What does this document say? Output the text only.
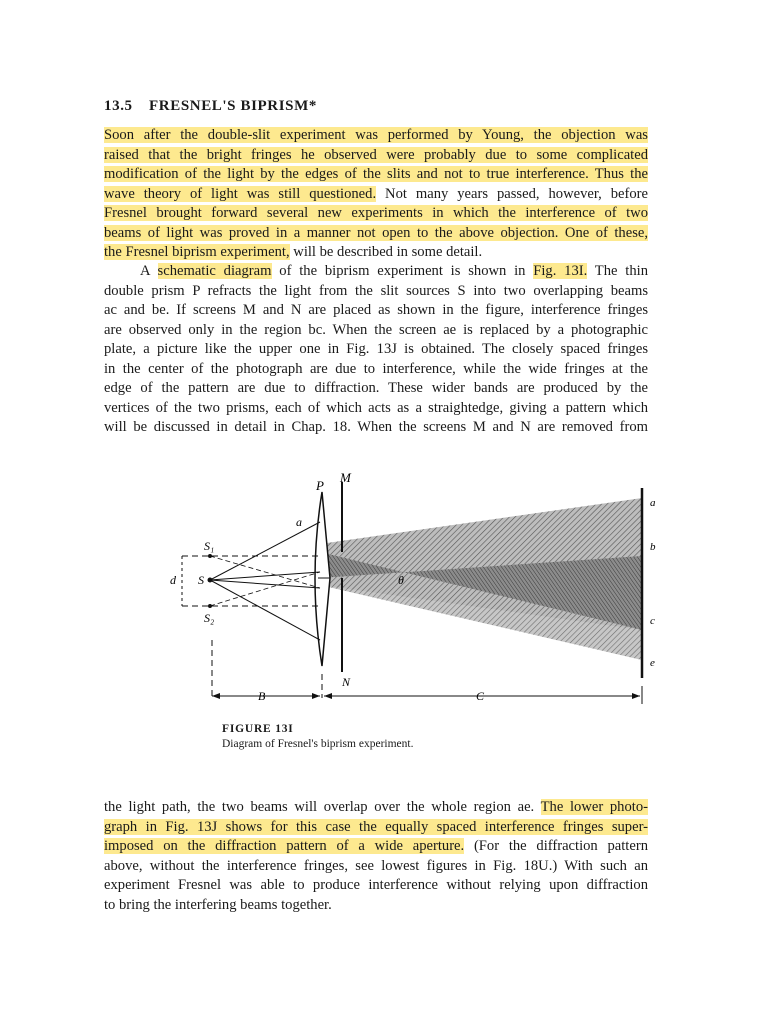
13.5 FRESNEL'S BIPRISM*
Soon after the double-slit experiment was performed by Young, the objection was
raised that the bright fringes he observed were probably due to some complicated
modification of the light by the edges of the slits and not to true interference. Thus the
wave theory of light was still questioned. Not many years passed, however, before
Fresnel brought forward several new experiments in which the interference of two
beams of light was proved in a manner not open to the above objection. One of these,
the Fresnel biprism experiment, will be described in some detail.
A schematic diagram of the biprism experiment is shown in Fig. 13I. The thin
double prism P refracts the light from the slit sources S into two overlapping beams
ac and be. If screens M and N are placed as shown in the figure, interference fringes
are observed only in the region bc. When the screen ae is replaced by a photographic
plate, a picture like the upper one in Fig. 13J is obtained. The closely spaced fringes
in the center of the photograph are due to interference, while the wide fringes at the
edge of the pattern are due to diffraction. These wider bands are produced by the
vertices of the two prisms, each of which acts as a straightedge, giving a pattern which
will be discussed in detail in Chap. 18. When the screens M and N are removed from
P
M
a
θ
N
S₁
S
S₂
d
a
b
c
e
B	C
FIGURE 13I
Diagram of Fresnel's biprism experiment.
the light path, the two beams will overlap over the whole region ae. The lower photo-
graph in Fig. 13J shows for this case the equally spaced interference fringes super-
imposed on the diffraction pattern of a wide aperture. (For the diffraction pattern
above, without the interference fringes, see lowest figures in Fig. 18U.) With such an
experiment Fresnel was able to produce interference without relying upon diffraction
to bring the interfering beams together.
